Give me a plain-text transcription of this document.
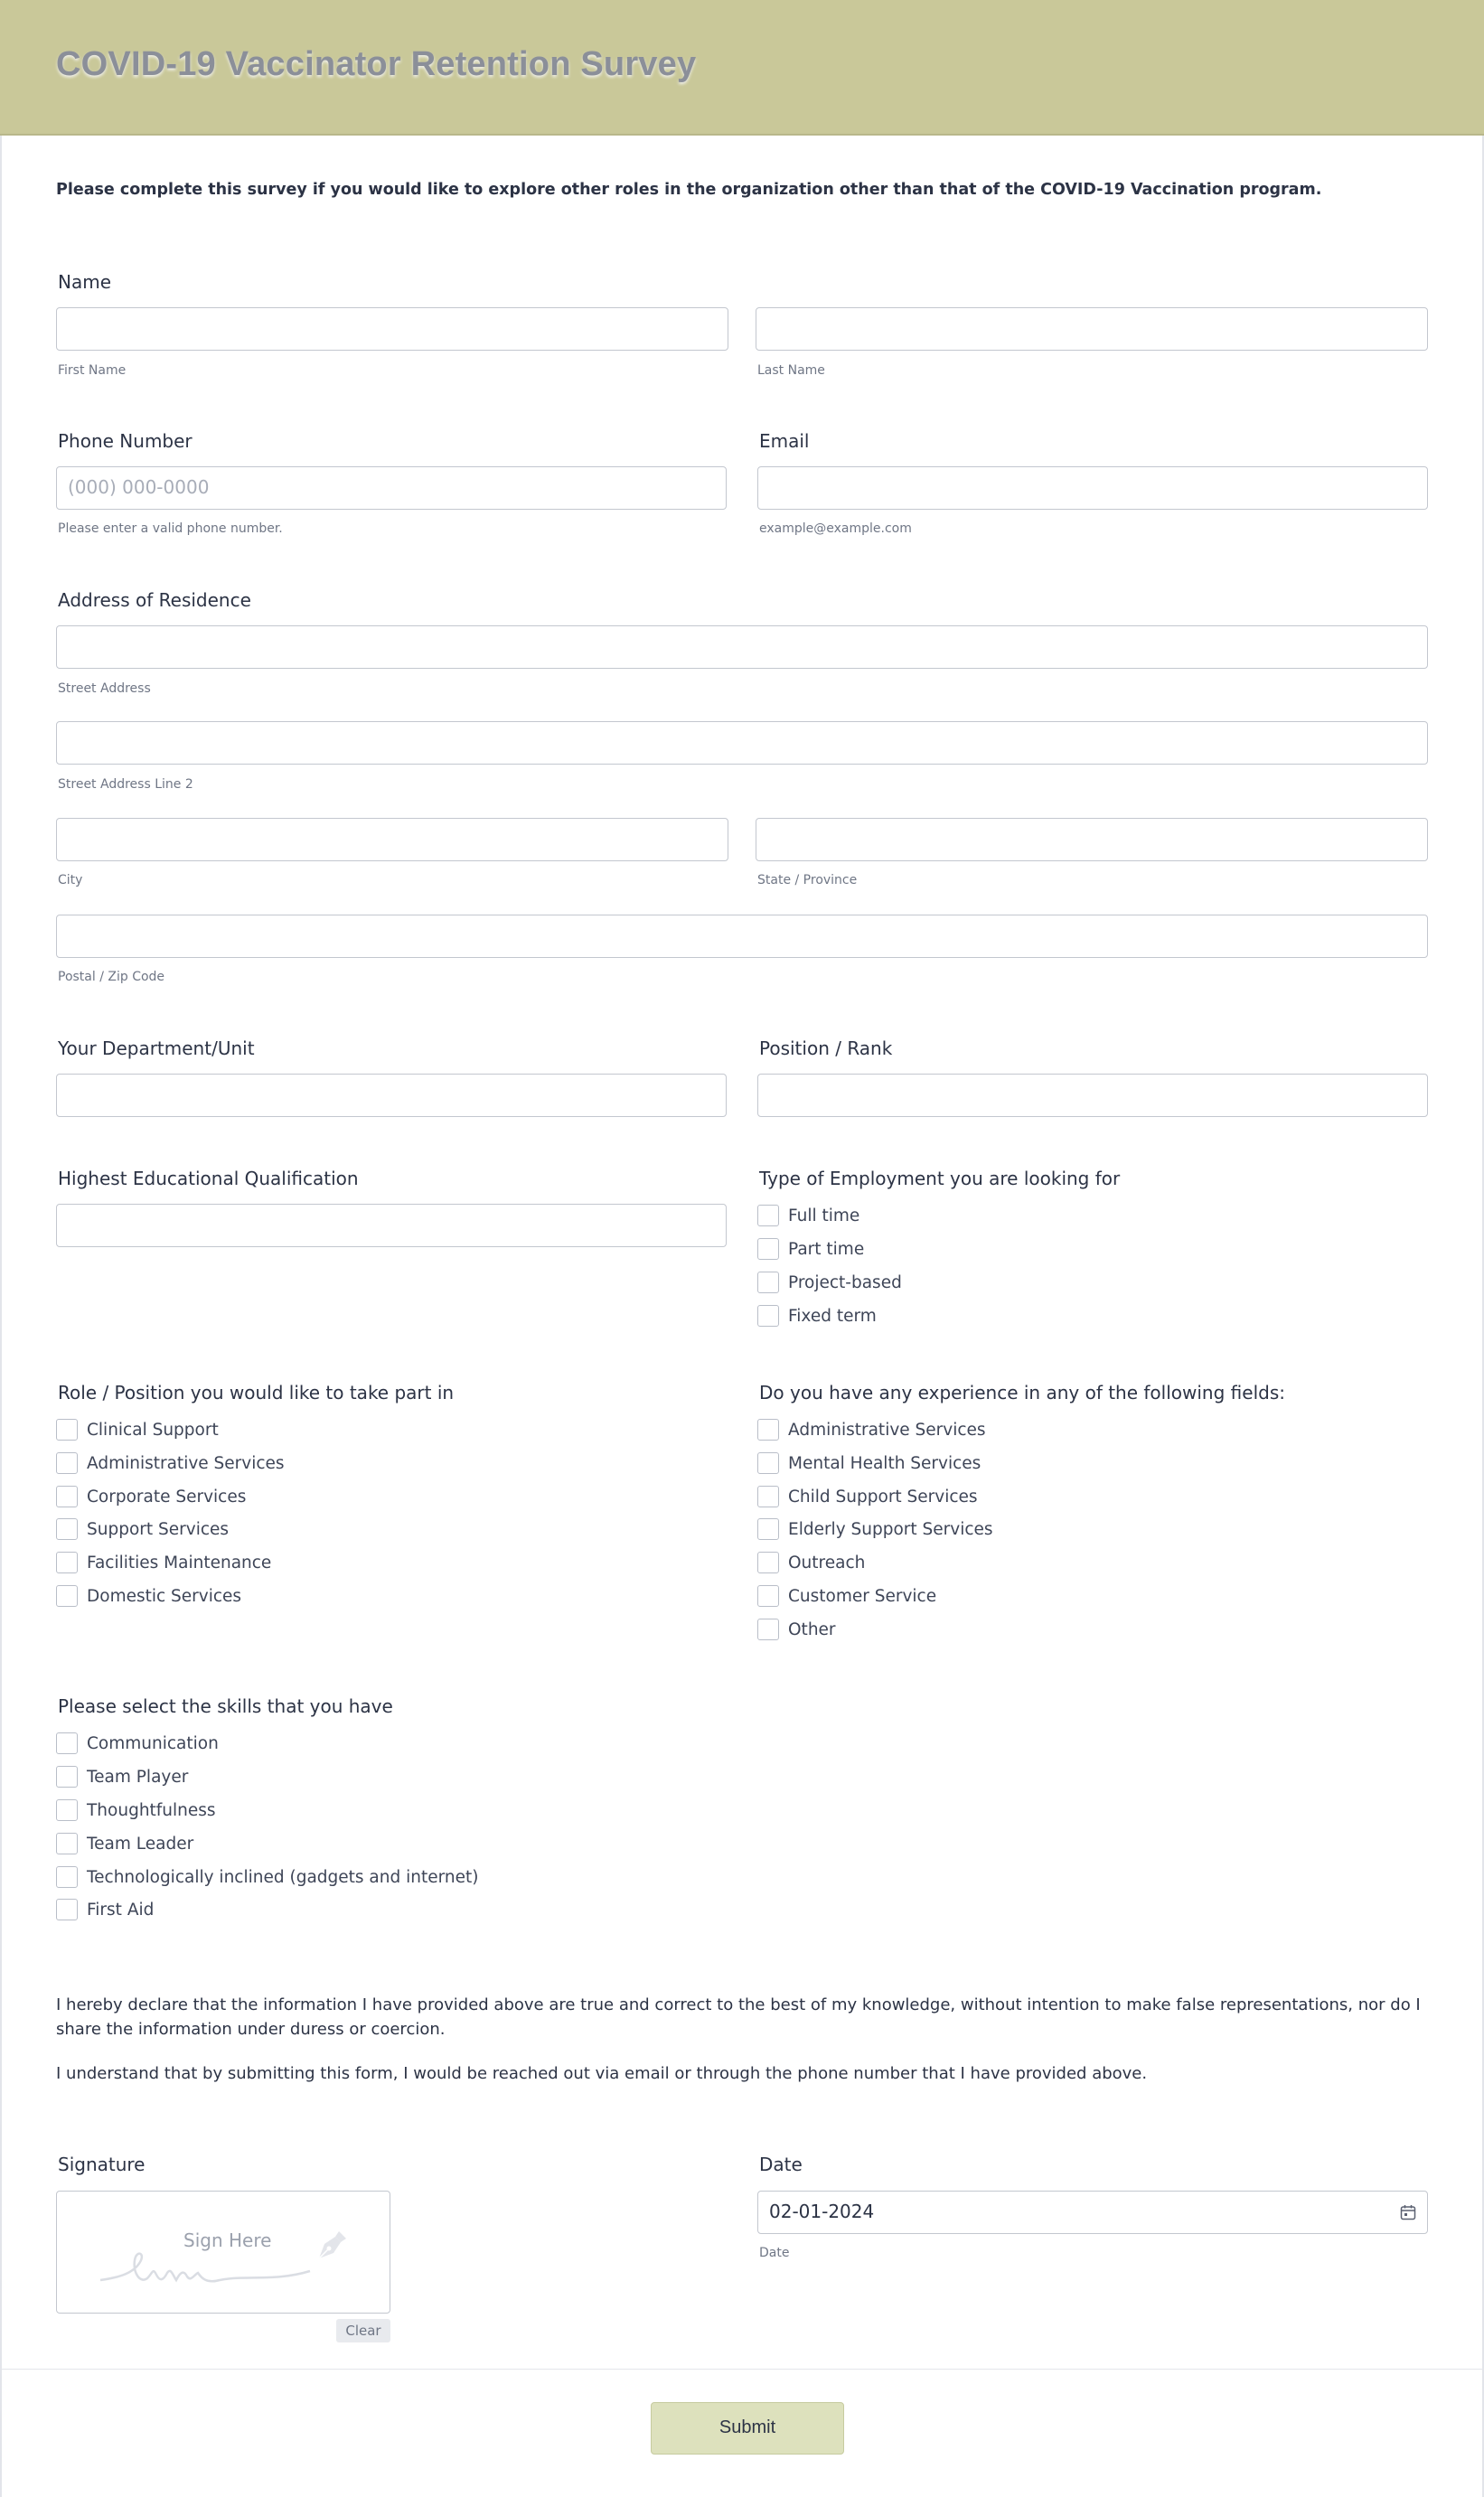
COVID-19 Vaccinator Retention Survey
Please complete this survey if you would like to explore other roles in the organization other than that of the COVID-19 Vaccination program.
Name
First Name	Last Name
Phone Number
(000) 000-0000
Please enter a valid phone number.
Email
example@example.com
Address of Residence
Street Address
Street Address Line 2
City	State / Province
Postal / Zip Code
Your Department/Unit	Position / Rank
Highest Educational Qualification	Type of Employment you are looking for
Full time
Part time
Project-based
Fixed term
Role / Position you would like to take part in
Clinical Support
Administrative Services
Corporate Services
Support Services
Facilities Maintenance
Domestic Services
Do you have any experience in any of the following fields:
Administrative Services
Mental Health Services
Child Support Services
Elderly Support Services
Outreach
Customer Service
Other
Please select the skills that you have
Communication
Team Player
Thoughtfulness
Team Leader
Technologically inclined (gadgets and internet)
First Aid
I hereby declare that the information I have provided above are true and correct to the best of my knowledge, without intention to make false representations, nor do I share the information under duress or coercion.
I understand that by submitting this form, I would be reached out via email or through the phone number that I have provided above.
Signature
Sign Here
Clear
Date
02-01-2024
Date
Submit
